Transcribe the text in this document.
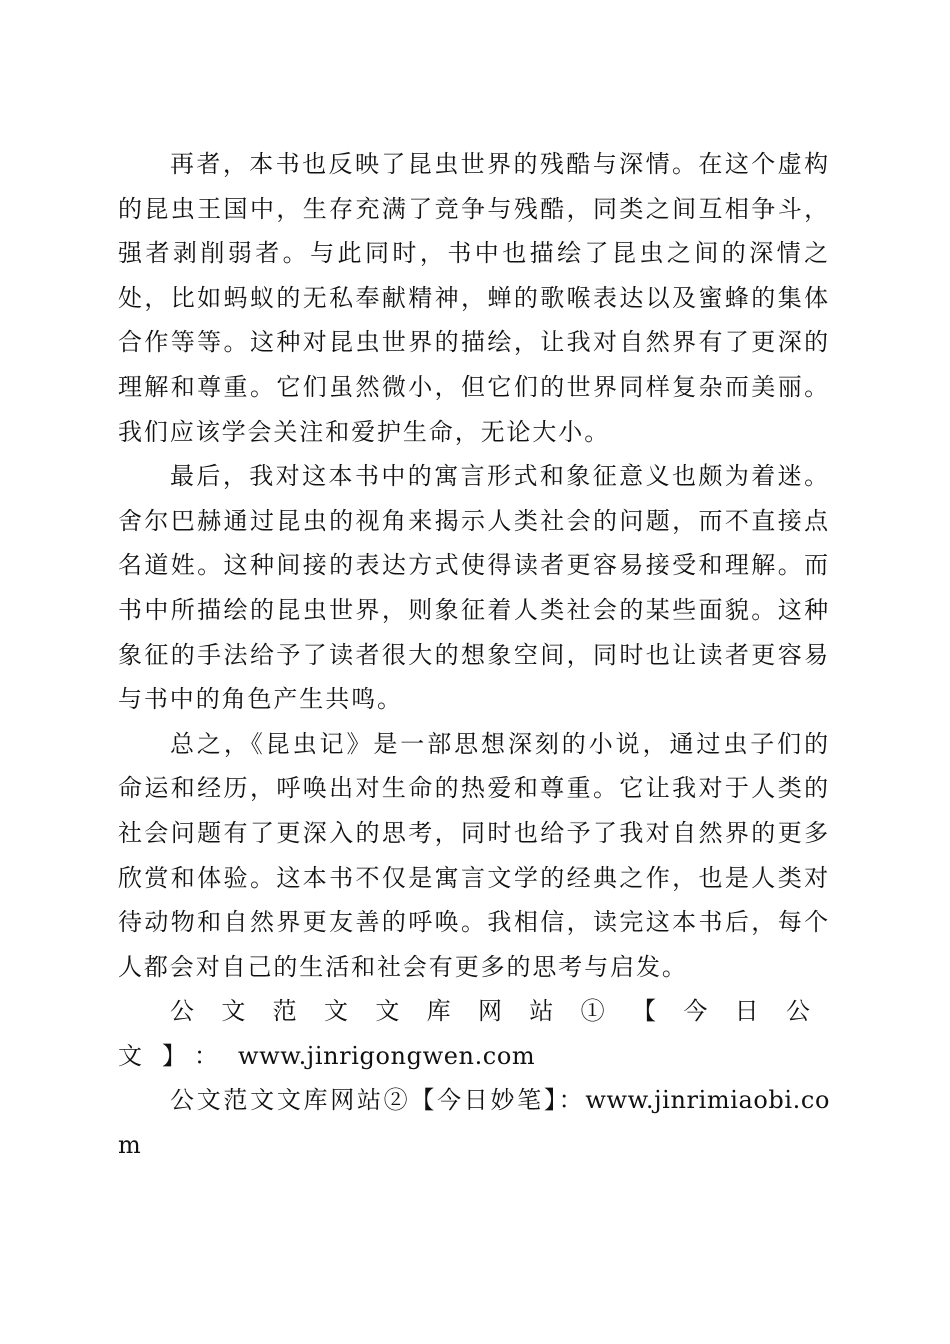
再者，本书也反映了昆虫世界的残酷与深情。在这个虚构的昆虫王国中，生存充满了竞争与残酷，同类之间互相争斗，强者剥削弱者。与此同时，书中也描绘了昆虫之间的深情之处，比如蚂蚁的无私奉献精神，蝉的歌喉表达以及蜜蜂的集体合作等等。这种对昆虫世界的描绘，让我对自然界有了更深的理解和尊重。它们虽然微小，但它们的世界同样复杂而美丽。我们应该学会关注和爱护生命，无论大小。

最后，我对这本书中的寓言形式和象征意义也颇为着迷。舍尔巴赫通过昆虫的视角来揭示人类社会的问题，而不直接点名道姓。这种间接的表达方式使得读者更容易接受和理解。而书中所描绘的昆虫世界，则象征着人类社会的某些面貌。这种象征的手法给予了读者很大的想象空间，同时也让读者更容易与书中的角色产生共鸣。

总之，《昆虫记》是一部思想深刻的小说，通过虫子们的命运和经历，呼唤出对生命的热爱和尊重。它让我对于人类的社会问题有了更深入的思考，同时也给予了我对自然界的更多欣赏和体验。这本书不仅是寓言文学的经典之作，也是人类对待动物和自然界更友善的呼唤。我相信，读完这本书后，每个人都会对自己的生活和社会有更多的思考与启发。

公文范文文库网站①【今日公文】：www.jinrigongwen.com

公文范文文库网站②【今日妙笔】：www.jinrimiaobi.com
